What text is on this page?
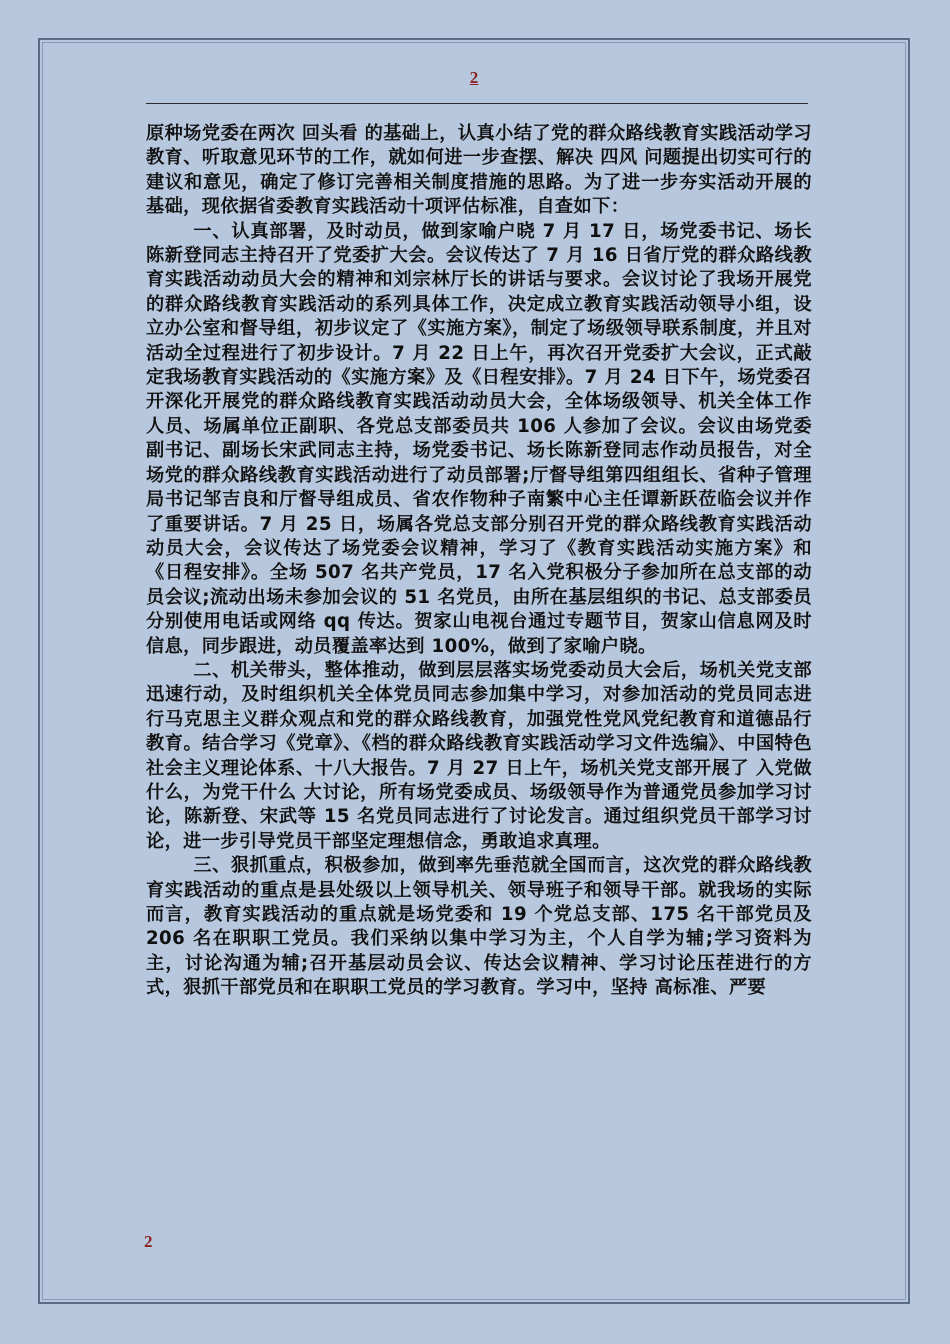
2

原种场党委在两次 回头看 的基础上，认真小结了党的群众路线教育实践活动学习教育、听取意见环节的工作，就如何进一步查摆、解决 四风 问题提出切实可行的建议和意见，确定了修订完善相关制度措施的思路。为了进一步夯实活动开展的基础，现依据省委教育实践活动十项评估标准，自查如下：

一、认真部署，及时动员，做到家喻户晓 7 月 17 日，场党委书记、场长陈新登同志主持召开了党委扩大会。会议传达了 7 月 16 日省厅党的群众路线教育实践活动动员大会的精神和刘宗林厅长的讲话与要求。会议讨论了我场开展党的群众路线教育实践活动的系列具体工作，决定成立教育实践活动领导小组，设立办公室和督导组，初步议定了《实施方案》，制定了场级领导联系制度，并且对活动全过程进行了初步设计。7 月 22 日上午，再次召开党委扩大会议，正式敲定我场教育实践活动的《实施方案》及《日程安排》。7 月 24 日下午，场党委召开深化开展党的群众路线教育实践活动动员大会，全体场级领导、机关全体工作人员、场属单位正副职、各党总支部委员共 106 人参加了会议。会议由场党委副书记、副场长宋武同志主持，场党委书记、场长陈新登同志作动员报告，对全场党的群众路线教育实践活动进行了动员部署;厅督导组第四组组长、省种子管理局书记邹吉良和厅督导组成员、省农作物种子南繁中心主任谭新跃莅临会议并作了重要讲话。7 月 25 日，场属各党总支部分别召开党的群众路线教育实践活动动员大会，会议传达了场党委会议精神，学习了《教育实践活动实施方案》和《日程安排》。全场 507 名共产党员，17 名入党积极分子参加所在总支部的动员会议;流动出场未参加会议的 51 名党员，由所在基层组织的书记、总支部委员分别使用电话或网络 qq 传达。贺家山电视台通过专题节目，贺家山信息网及时信息，同步跟进，动员覆盖率达到 100%，做到了家喻户晓。

二、机关带头，整体推动，做到层层落实场党委动员大会后，场机关党支部迅速行动，及时组织机关全体党员同志参加集中学习，对参加活动的党员同志进行马克思主义群众观点和党的群众路线教育，加强党性党风党纪教育和道德品行教育。结合学习《党章》、《档的群众路线教育实践活动学习文件选编》、中国特色社会主义理论体系、十八大报告。7 月 27 日上午，场机关党支部开展了 入党做什么，为党干什么 大讨论，所有场党委成员、场级领导作为普通党员参加学习讨论，陈新登、宋武等 15 名党员同志进行了讨论发言。通过组织党员干部学习讨论，进一步引导党员干部坚定理想信念，勇敢追求真理。

三、狠抓重点，积极参加，做到率先垂范就全国而言，这次党的群众路线教育实践活动的重点是县处级以上领导机关、领导班子和领导干部。就我场的实际而言，教育实践活动的重点就是场党委和 19 个党总支部、175 名干部党员及 206 名在职职工党员。我们采纳以集中学习为主，个人自学为辅;学习资料为主，讨论沟通为辅;召开基层动员会议、传达会议精神、学习讨论压茬进行的方式，狠抓干部党员和在职职工党员的学习教育。学习中，坚持 高标准、严要

2
